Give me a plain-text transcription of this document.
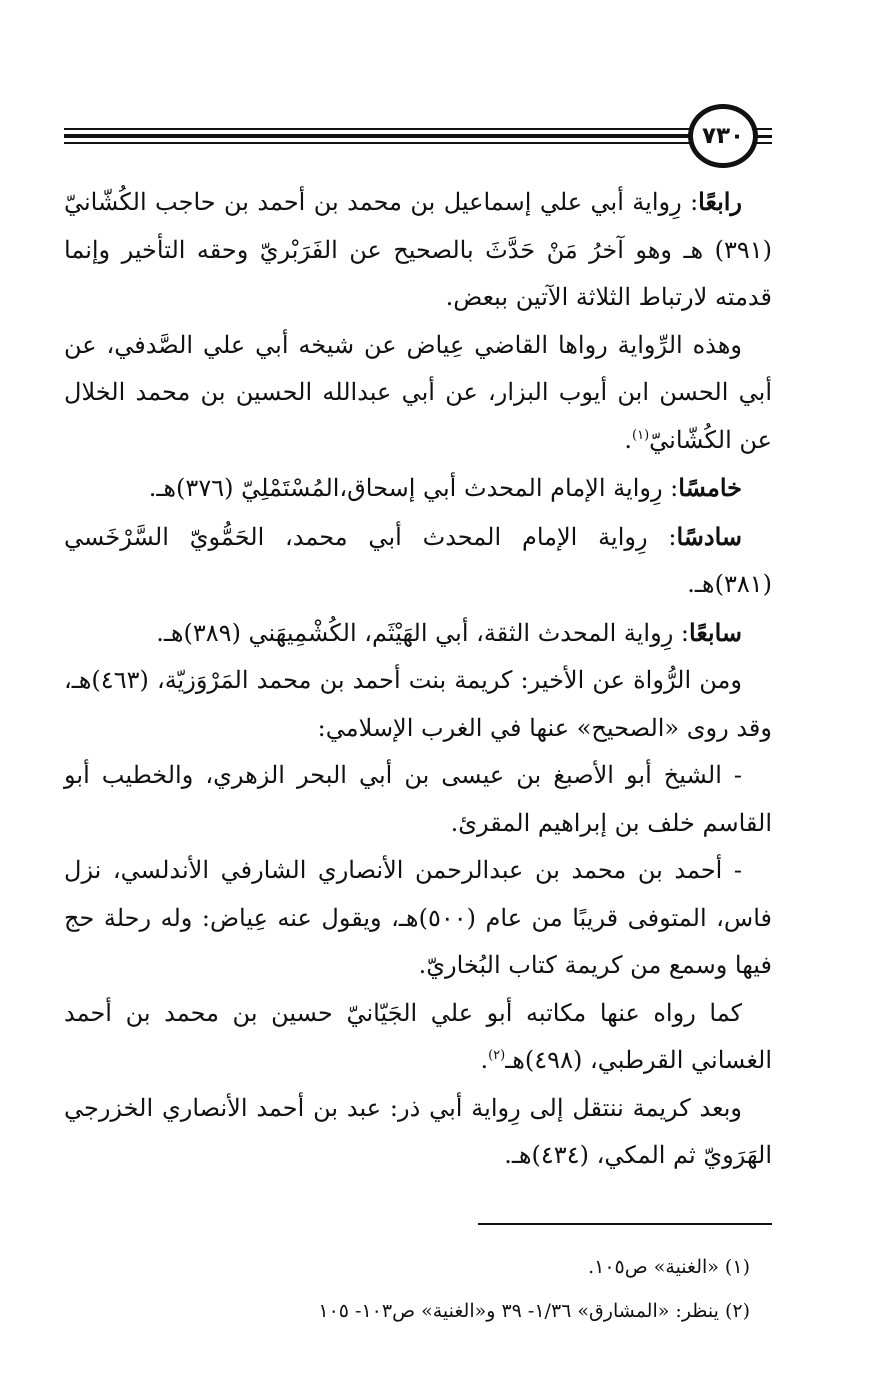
٧٣٠

رابعًا: رِواية أبي علي إسماعيل بن محمد بن أحمد بن حاجب الكُشّانيّ (٣٩١) هـ وهو آخرُ مَنْ حَدَّثَ بالصحيح عن الفَرَبْريّ وحقه التأخير وإنما قدمته لارتباط الثلاثة الآتين ببعض.

وهذه الرِّواية رواها القاضي عِياض عن شيخه أبي علي الصَّدفي، عن أبي الحسن ابن أيوب البزار، عن أبي عبدالله الحسين بن محمد الخلال عن الكُشّانيّ$^{(١)}$.

خامسًا: رِواية الإمام المحدث أبي إسحاق،المُسْتَمْلِيّ (٣٧٦)هـ.

سادسًا: رِواية الإمام المحدث أبي محمد، الحَمُّويّ السَّرْخَسي (٣٨١)هـ.

سابعًا: رِواية المحدث الثقة، أبي الهَيْثَم، الكُشْمِيهَني (٣٨٩)هـ.

ومن الرُّواة عن الأخير: كريمة بنت أحمد بن محمد المَرْوَزيّة، (٤٦٣)هـ، وقد روى «الصحيح» عنها في الغرب الإسلامي:

- الشيخ أبو الأصبغ بن عيسى بن أبي البحر الزهري، والخطيب أبو القاسم خلف بن إبراهيم المقرئ.

- أحمد بن محمد بن عبدالرحمن الأنصاري الشارفي الأندلسي، نزل فاس، المتوفى قريبًا من عام (٥٠٠)هـ، ويقول عنه عِياض: وله رحلة حج فيها وسمع من كريمة كتاب البُخاريّ.

كما رواه عنها مكاتبه أبو علي الجَيّانيّ حسين بن محمد بن أحمد الغساني القرطبي، (٤٩٨)هـ$^{(٢)}$.

وبعد كريمة ننتقل إلى رِواية أبي ذر: عبد بن أحمد الأنصاري الخزرجي الهَرَويّ ثم المكي، (٤٣٤)هـ.

(١) «الغنية» ص١٠٥.

(٢) ينظر: «المشارق» ١/٣٦- ٣٩ و«الغنية» ص١٠٣- ١٠٥
